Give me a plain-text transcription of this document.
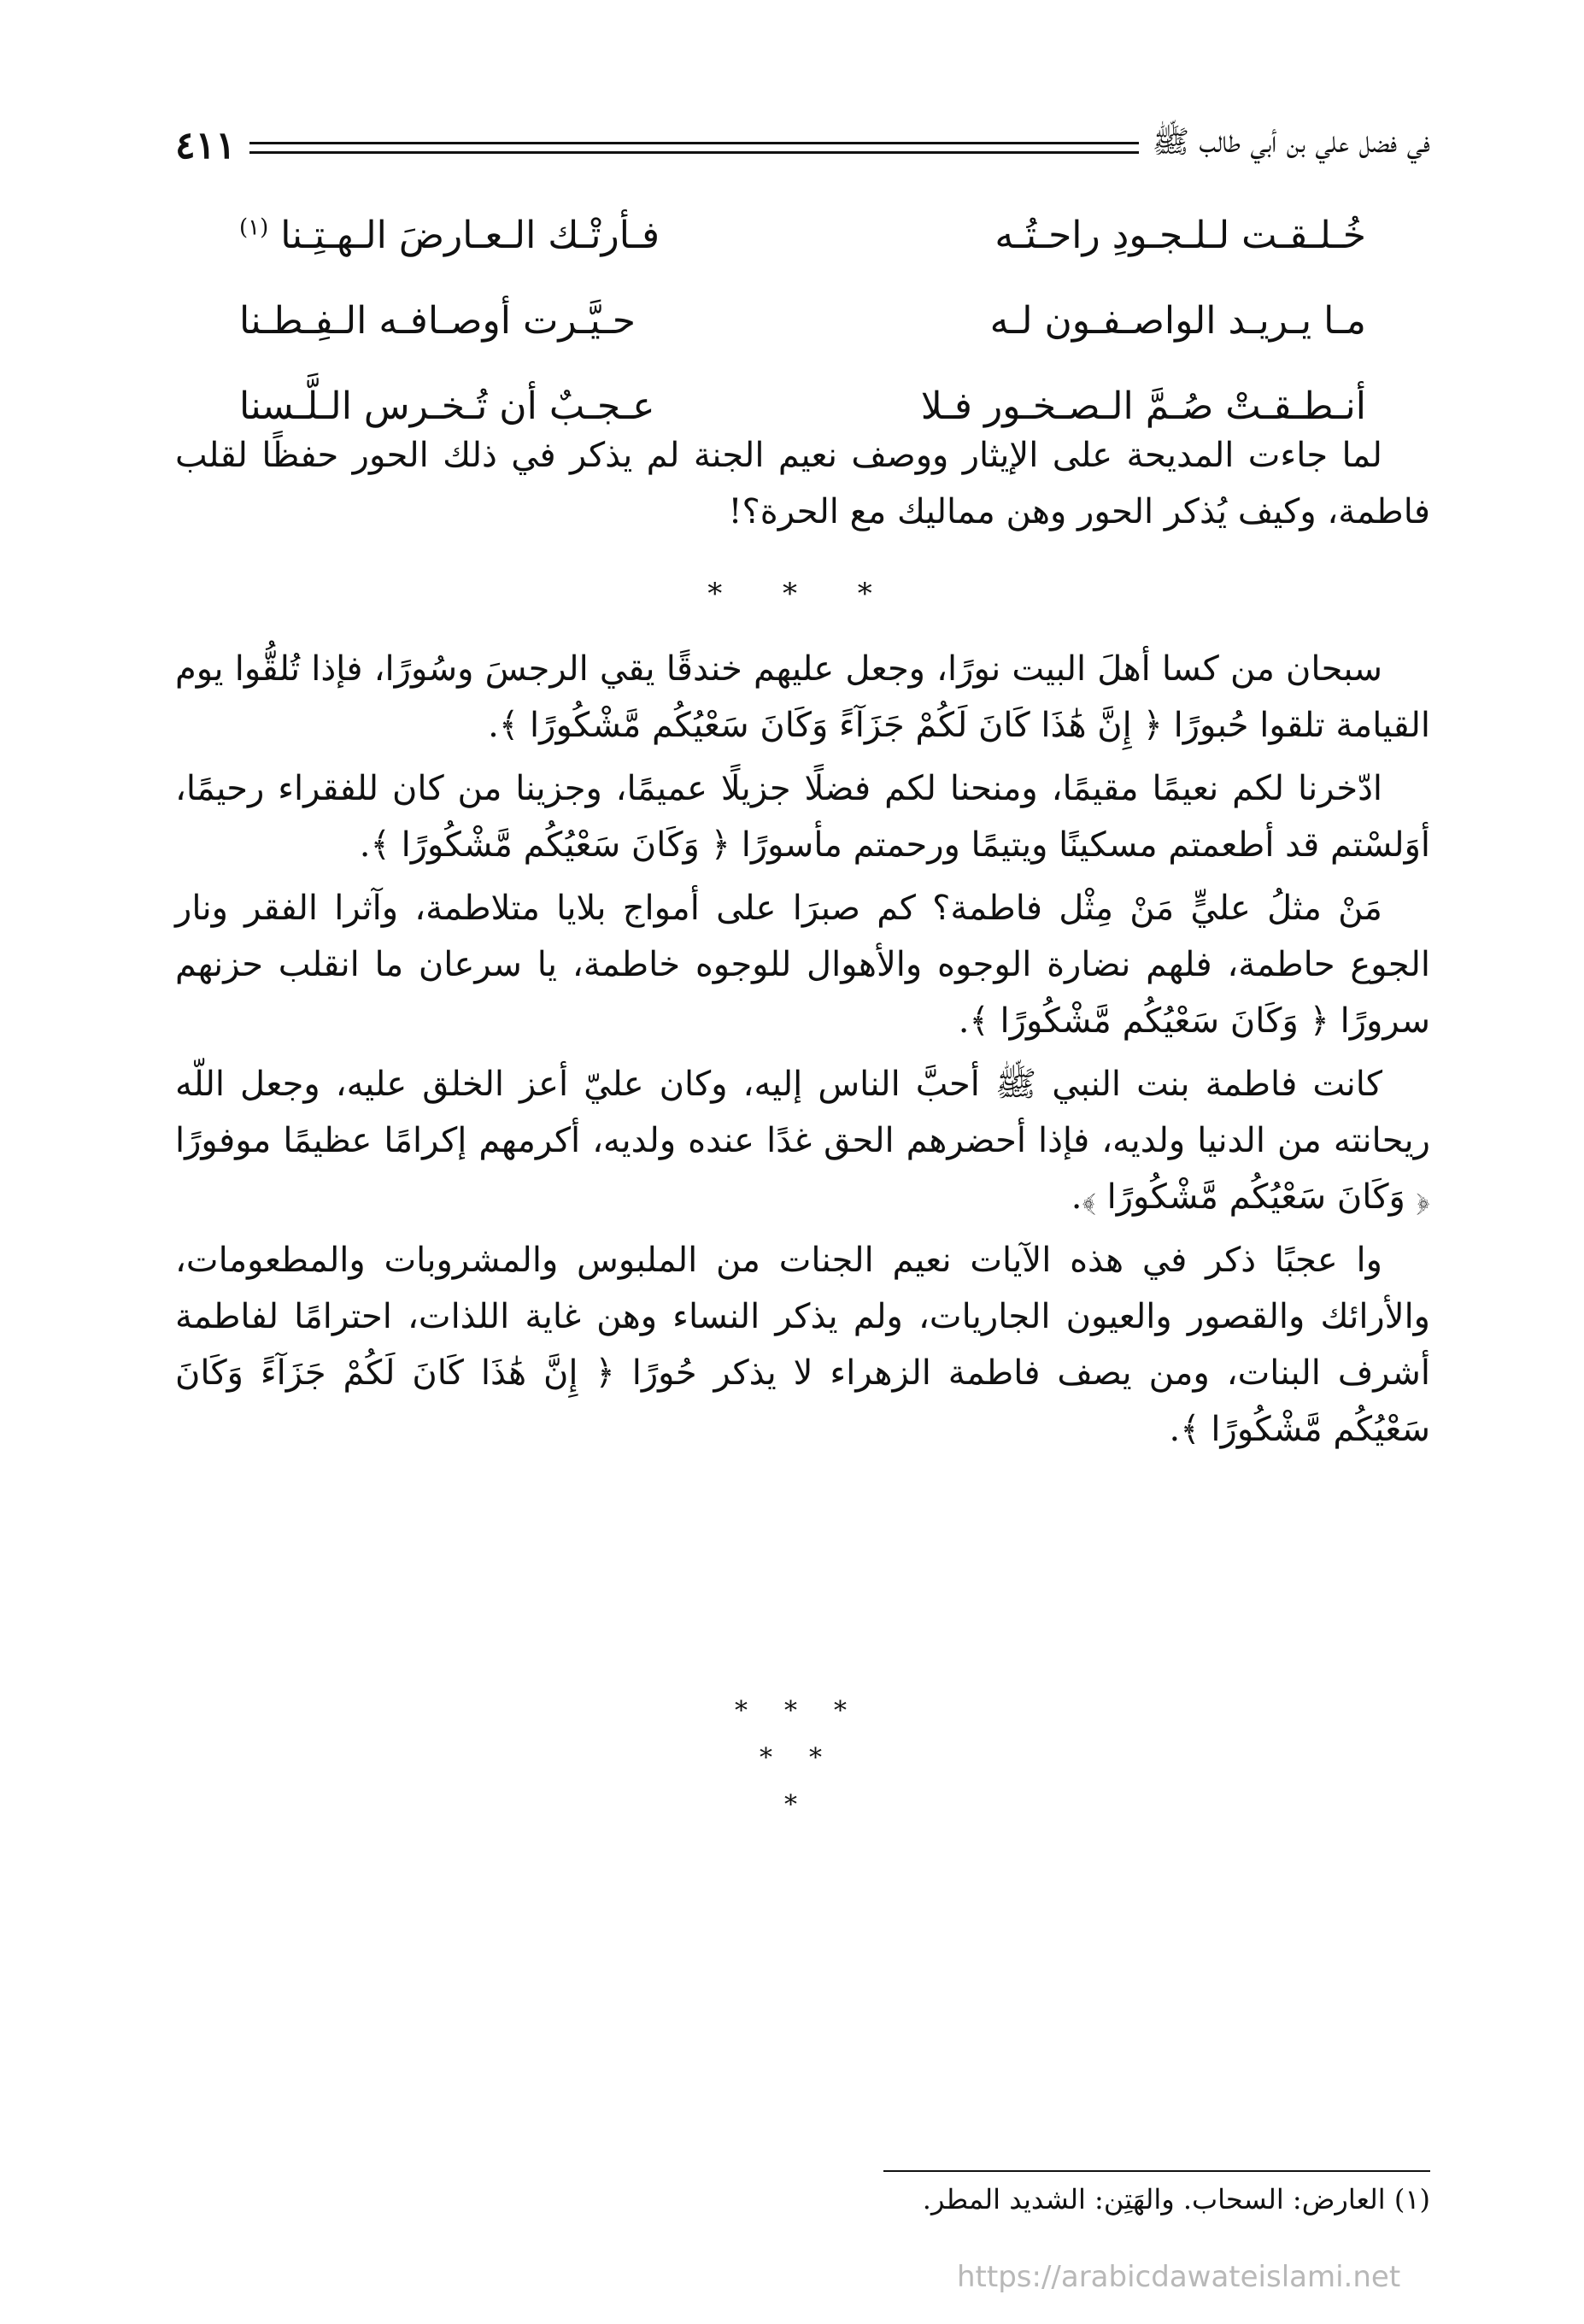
في فضل علي بن أبي طالب ﷺ
٤١١
خُـلـقـت لـلـجـودِ راحـتُـه
فـأرتْـك الـعـارضَ الـهـتِـنا $^{(١)}$
مـا يـريـد الواصـفـون لـه
حـيَّـرت أوصـافـه الـفِـطـنا
أنـطـقـتْ صُـمَّ الـصـخـور فـلا
عـجـبٌ أن تُـخـرس الـلَّـسنا

لما جاءت المديحة على الإيثار ووصف نعيم الجنة لم يذكر في ذلك الحور حفظًا لقلب فاطمة، وكيف يُذكر الحور وهن مماليك مع الحرة؟!

* * *

سبحان من كسا أهلَ البيت نورًا، وجعل عليهم خندقًا يقي الرجسَ وسُورًا، فإذا تُلقُّوا يوم القيامة تلقوا حُبورًا ﴿ إِنَّ هَٰذَا كَانَ لَكُمْ جَزَآءً وَكَانَ سَعْيُكُم مَّشْكُورًا ﴾.

ادّخرنا لكم نعيمًا مقيمًا، ومنحنا لكم فضلًا جزيلًا عميمًا، وجزينا من كان للفقراء رحيمًا، أوَلسْتم قد أطعمتم مسكينًا ويتيمًا ورحمتم مأسورًا ﴿ وَكَانَ سَعْيُكُم مَّشْكُورًا ﴾.

مَنْ مثلُ عليٍّ مَنْ مِثْل فاطمة؟ كم صبرَا على أمواج بلايا متلاطمة، وآثرا الفقر ونار الجوع حاطمة، فلهم نضارة الوجوه والأهوال للوجوه خاطمة، يا سرعان ما انقلب حزنهم سرورًا ﴿ وَكَانَ سَعْيُكُم مَّشْكُورًا ﴾.

كانت فاطمة بنت النبي ﷺ أحبَّ الناس إليه، وكان عليّ أعز الخلق عليه، وجعل اللّه ريحانته من الدنيا ولديه، فإذا أحضرهم الحق غدًا عنده ولديه، أكرمهم إكرامًا عظيمًا موفورًا ﴿ وَكَانَ سَعْيُكُم مَّشْكُورًا ﴾.

وا عجبًا ذكر في هذه الآيات نعيم الجنات من الملبوس والمشروبات والمطعومات، والأرائك والقصور والعيون الجاريات، ولم يذكر النساء وهن غاية اللذات، احترامًا لفاطمة أشرف البنات، ومن يصف فاطمة الزهراء لا يذكر حُورًا ﴿ إِنَّ هَٰذَا كَانَ لَكُمْ جَزَآءً وَكَانَ سَعْيُكُم مَّشْكُورًا ﴾.

* * *
* *
*
(١) العارض: السحاب. والهَتِن: الشديد المطر.
https://arabicdawateislami.net
